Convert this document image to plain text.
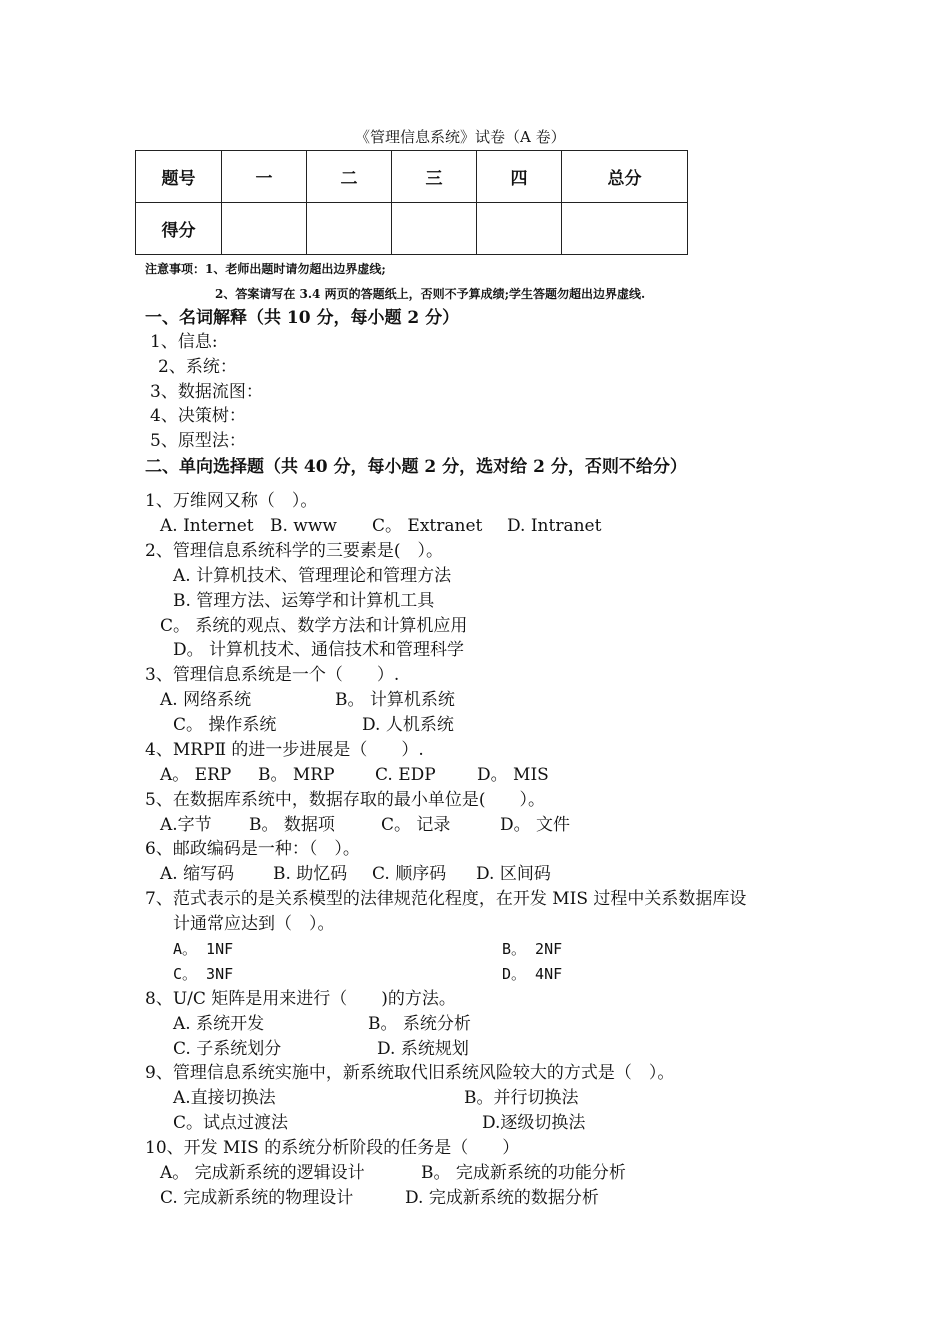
《管理信息系统》试卷（A 卷）
题号	一	二	三	四	总分
得分					
注意事项：1、老师出题时请勿超出边界虚线;
2、答案请写在 3.4 两页的答题纸上，否则不予算成绩;学生答题勿超出边界虚线.
一、名词解释（共 10 分，每小题 2 分）
1、信息:
2、系统：
3、数据流图：
4、决策树：
5、原型法：
二、单向选择题（共 40 分，每小题 2 分，选对给 2 分，否则不给分）
1、万维网又称（　）。
A. Internet B. www C。 Extranet D. Intranet
2、管理信息系统科学的三要素是(　）。
A. 计算机技术、管理理论和管理方法
B. 管理方法、运筹学和计算机工具
C。 系统的观点、数学方法和计算机应用
D。 计算机技术、通信技术和管理科学
3、管理信息系统是一个（　　）.
A. 网络系统	B。 计算机系统
C。 操作系统	D. 人机系统
4、MRPⅡ 的进一步进展是（　　）.
A。 ERP B。 MRP C. EDP D。 MIS
5、在数据库系统中，数据存取的最小单位是(　　）。
A.字节 B。 数据项	C。 记录	D。 文件
6、邮政编码是一种：（　）。
A. 缩写码 B. 助忆码 C. 顺序码 D. 区间码
7、范式表示的是关系模型的法律规范化程度，在开发 MIS 过程中关系数据库设
计通常应达到（　）。
A。 1NF	B。 2NF
C。 3NF	D。 4NF
8、U/C 矩阵是用来进行（　　)的方法。
A. 系统开发	B。 系统分析
C. 子系统划分	D. 系统规划
9、管理信息系统实施中，新系统取代旧系统风险较大的方式是（　）。
A.直接切换法	B。并行切换法
C。试点过渡法	D.逐级切换法
10、开发 MIS 的系统分析阶段的任务是（　　）
A。 完成新系统的逻辑设计	B。 完成新系统的功能分析
C. 完成新系统的物理设计	D. 完成新系统的数据分析
